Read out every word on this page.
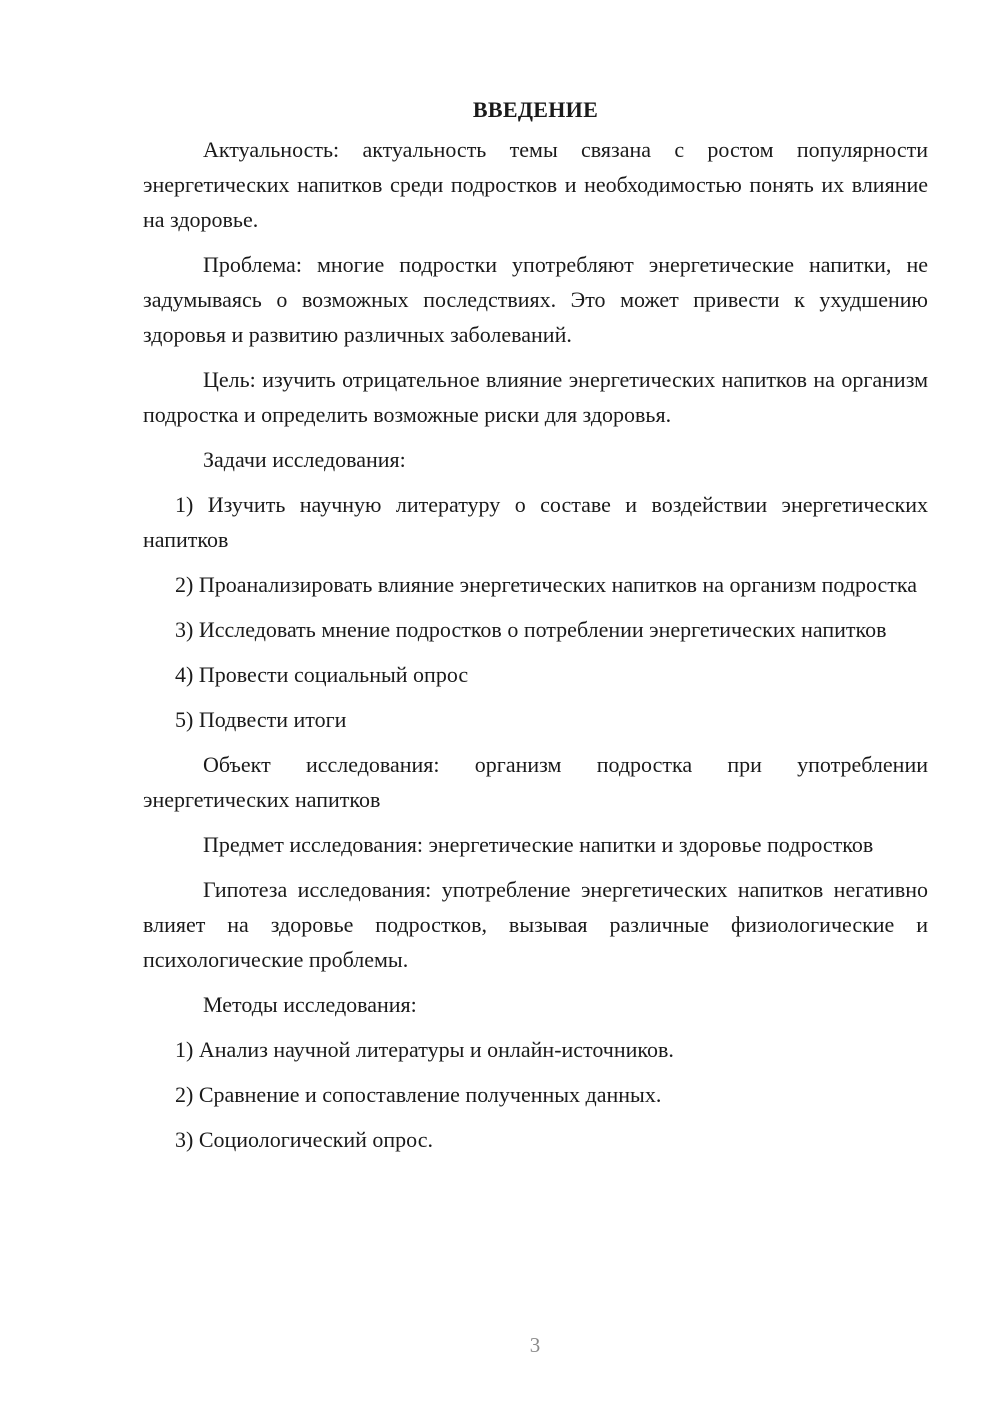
ВВЕДЕНИЕ

Актуальность: актуальность темы связана с ростом популярности энергетических напитков среди подростков и необходимостью понять их влияние на здоровье.

Проблема: многие подростки употребляют энергетические напитки, не задумываясь о возможных последствиях. Это может привести к ухудшению здоровья и развитию различных заболеваний.

Цель: изучить отрицательное влияние энергетических напитков на организм подростка и определить возможные риски для здоровья.

Задачи исследования:

1) Изучить научную литературу о составе и воздействии энергетических напитков

2) Проанализировать влияние энергетических напитков на организм подростка

3) Исследовать мнение подростков о потреблении энергетических напитков

4) Провести социальный опрос

5) Подвести итоги

Объект исследования: организм подростка при употреблении энергетических напитков

Предмет исследования: энергетические напитки и здоровье подростков

Гипотеза исследования: употребление энергетических напитков негативно влияет на здоровье подростков, вызывая различные физиологические и психологические проблемы.

Методы исследования:

1) Анализ научной литературы и онлайн-источников.

2) Сравнение и сопоставление полученных данных.

3) Социологический опрос.

3
